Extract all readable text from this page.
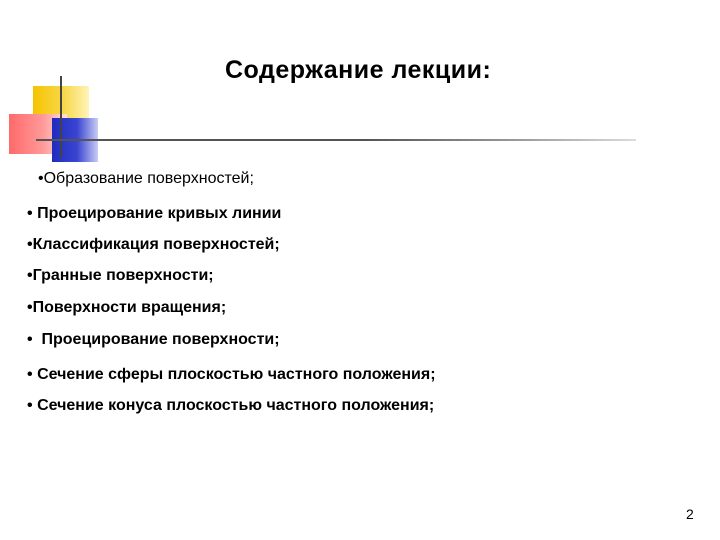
Содержание лекции:
•Образование поверхностей;
• Проецирование кривых линии
•Классификация поверхностей;
•Гранные поверхности;
•Поверхности вращения;
• Проецирование поверхности;
• Сечение сферы плоскостью частного положения;
• Сечение конуса плоскостью частного положения;
2
